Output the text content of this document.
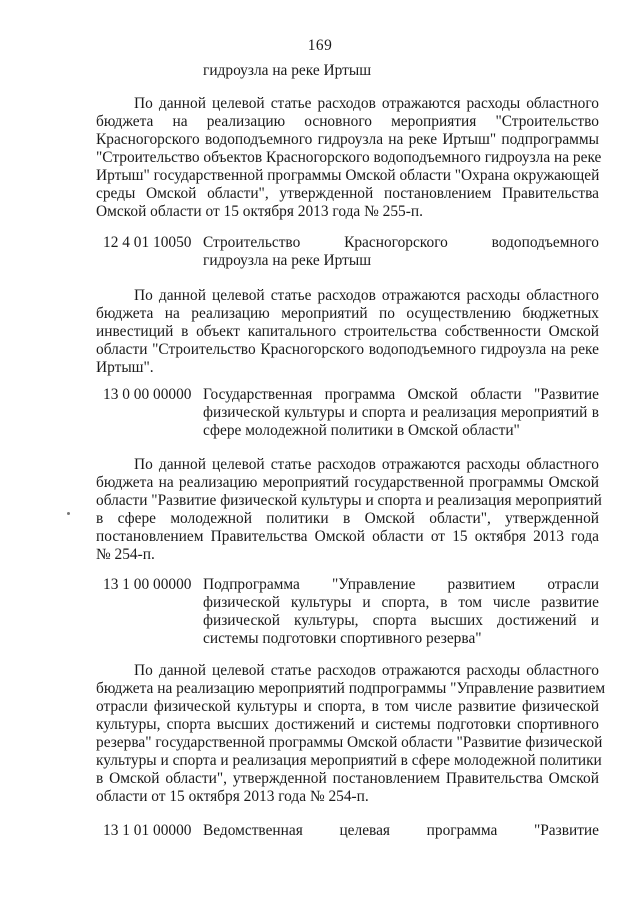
169
гидроузла на реке Иртыш
По данной целевой статье расходов отражаются расходы областного
бюджета на реализацию основного мероприятия "Строительство
Красногорского водоподъемного гидроузла на реке Иртыш" подпрограммы
"Строительство объектов Красногорского водоподъемного гидроузла на реке
Иртыш" государственной программы Омской области "Охрана окружающей
среды Омской области", утвержденной постановлением Правительства
Омской области от 15 октября 2013 года № 255-п.
12 4 01 10050 Строительство Красногорского водоподъемного
гидроузла на реке Иртыш
По данной целевой статье расходов отражаются расходы областного
бюджета на реализацию мероприятий по осуществлению бюджетных
инвестиций в объект капитального строительства собственности Омской
области "Строительство Красногорского водоподъемного гидроузла на реке
Иртыш".
13 0 00 00000 Государственная программа Омской области "Развитие
физической культуры и спорта и реализация мероприятий в
сфере молодежной политики в Омской области"
По данной целевой статье расходов отражаются расходы областного
бюджета на реализацию мероприятий государственной программы Омской
области "Развитие физической культуры и спорта и реализация мероприятий
в сфере молодежной политики в Омской области", утвержденной
постановлением Правительства Омской области от 15 октября 2013 года
№ 254-п.
13 1 00 00000 Подпрограмма "Управление развитием отрасли
физической культуры и спорта, в том числе развитие
физической культуры, спорта высших достижений и
системы подготовки спортивного резерва"
По данной целевой статье расходов отражаются расходы областного
бюджета на реализацию мероприятий подпрограммы "Управление развитием
отрасли физической культуры и спорта, в том числе развитие физической
культуры, спорта высших достижений и системы подготовки спортивного
резерва" государственной программы Омской области "Развитие физической
культуры и спорта и реализация мероприятий в сфере молодежной политики
в Омской области", утвержденной постановлением Правительства Омской
области от 15 октября 2013 года № 254-п.
13 1 01 00000 Ведомственная целевая программа "Развитие
